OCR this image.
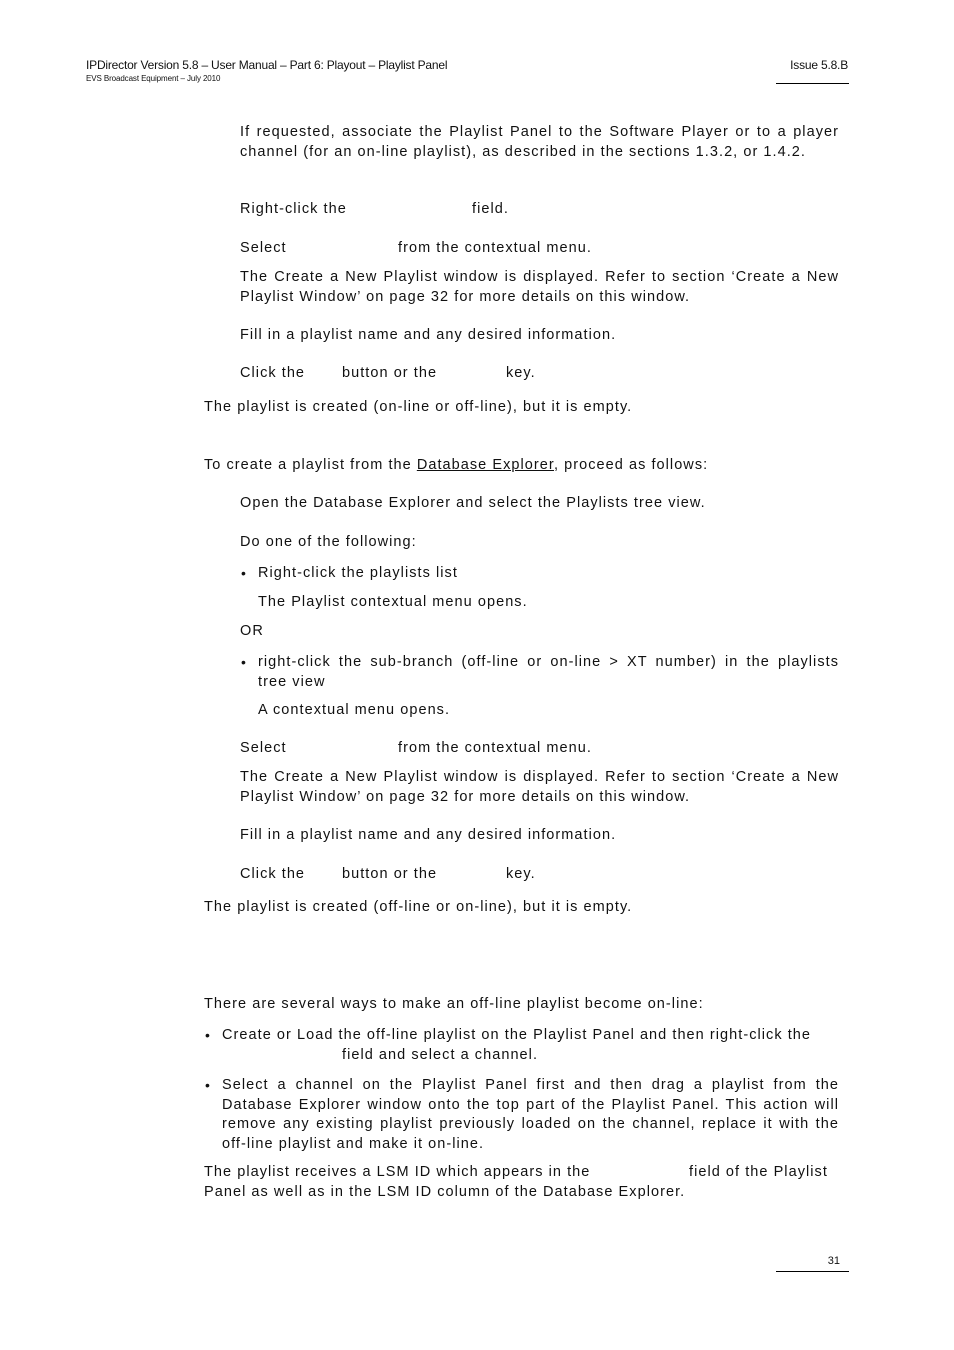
IPDirector Version 5.8 – User Manual – Part 6: Playout – Playlist Panel
EVS Broadcast Equipment – July 2010
Issue 5.8.B
If requested, associate the Playlist Panel to the Software Player or to a player channel (for an on-line playlist), as described in the sections 1.3.2, or 1.4.2.
Right-click the	field.
Select	from the contextual menu.
The Create a New Playlist window is displayed. Refer to section ‘Create a New Playlist Window’ on page 32 for more details on this window.
Fill in a playlist name and any desired information.
Click the	button or the	key.
The playlist is created (on-line or off-line), but it is empty.
To create a playlist from the Database Explorer, proceed as follows:
Open the Database Explorer and select the Playlists tree view.
Do one of the following:
• Right-click the playlists list
The Playlist contextual menu opens.
OR
• right-click the sub-branch (off-line or on-line > XT number) in the playlists tree view
A contextual menu opens.
Select	from the contextual menu.
The Create a New Playlist window is displayed. Refer to section ‘Create a New Playlist Window’ on page 32 for more details on this window.
Fill in a playlist name and any desired information.
Click the	button or the	key.
The playlist is created (off-line or on-line), but it is empty.
There are several ways to make an off-line playlist become on-line:
• Create or Load the off-line playlist on the Playlist Panel and then right-click the
field and select a channel.
• Select a channel on the Playlist Panel first and then drag a playlist from the Database Explorer window onto the top part of the Playlist Panel. This action will remove any existing playlist previously loaded on the channel, replace it with the off-line playlist and make it on-line.
The playlist receives a LSM ID which appears in the	field of the Playlist
Panel as well as in the LSM ID column of the Database Explorer.
31
